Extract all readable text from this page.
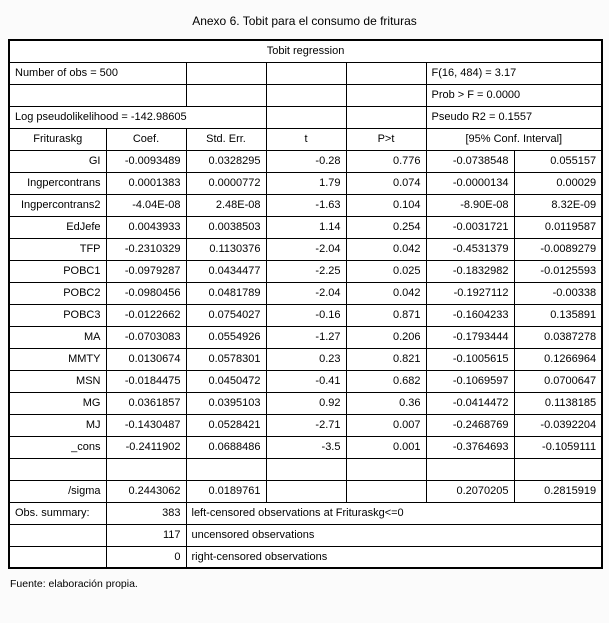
Anexo 6. Tobit para el consumo de frituras
Tobit regression						
Number of obs = 500					F(16, 484) = 3.17	
					Prob > F = 0.0000	
Log pseudolikelihood = -142.98605					Pseudo R2 = 0.1557	
Frituraskg	Coef.	Std. Err.	t	P>t	[95% Conf. Interval]	
GI	-0.0093489	0.0328295	-0.28	0.776	-0.0738548	0.055157
Ingpercontrans	0.0001383	0.0000772	1.79	0.074	-0.0000134	0.00029
Ingpercontrans2	-4.04E-08	2.48E-08	-1.63	0.104	-8.90E-08	8.32E-09
EdJefe	0.0043933	0.0038503	1.14	0.254	-0.0031721	0.0119587
TFP	-0.2310329	0.1130376	-2.04	0.042	-0.4531379	-0.0089279
POBC1	-0.0979287	0.0434477	-2.25	0.025	-0.1832982	-0.0125593
POBC2	-0.0980456	0.0481789	-2.04	0.042	-0.1927112	-0.00338
POBC3	-0.0122662	0.0754027	-0.16	0.871	-0.1604233	0.135891
MA	-0.0703083	0.0554926	-1.27	0.206	-0.1793444	0.0387278
MMTY	0.0130674	0.0578301	0.23	0.821	-0.1005615	0.1266964
MSN	-0.0184475	0.0450472	-0.41	0.682	-0.1069597	0.0700647
MG	0.0361857	0.0395103	0.92	0.36	-0.0414472	0.1138185
MJ	-0.1430487	0.0528421	-2.71	0.007	-0.2468769	-0.0392204
_cons	-0.2411902	0.0688486	-3.5	0.001	-0.3764693	-0.1059111

/sigma	0.2443062	0.0189761			0.2070205	0.2815919
Obs. summary:	383	left-censored observations at Frituraskg<=0				
	117	uncensored observations				
	0	right-censored observations				
Fuente: elaboración propia.
